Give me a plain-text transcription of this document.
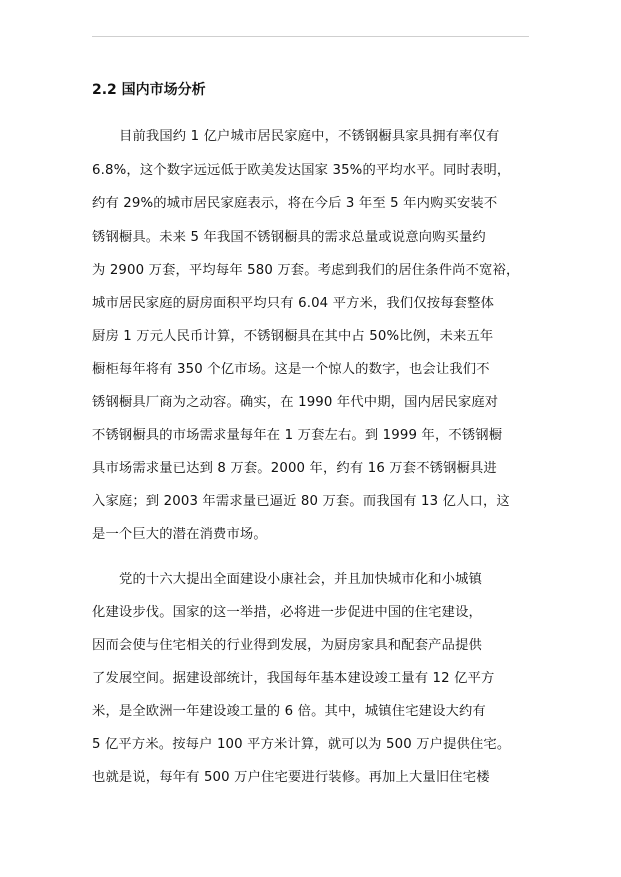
2.2 国内市场分析

目前我国约 1 亿户城市居民家庭中，不锈钢橱具家具拥有率仅有

6.8%，这个数字远远低于欧美发达国家 35%的平均水平。同时表明，

约有 29%的城市居民家庭表示，将在今后 3 年至 5 年内购买安装不

锈钢橱具。未来 5 年我国不锈钢橱具的需求总量或说意向购买量约

为 2900 万套，平均每年 580 万套。考虑到我们的居住条件尚不宽裕，

城市居民家庭的厨房面积平均只有 6.04 平方米，我们仅按每套整体

厨房 1 万元人民币计算，不锈钢橱具在其中占 50%比例，未来五年

橱柜每年将有 350 个亿市场。这是一个惊人的数字，也会让我们不

锈钢橱具厂商为之动容。确实，在 1990 年代中期，国内居民家庭对

不锈钢橱具的市场需求量每年在 1 万套左右。到 1999 年，不锈钢橱

具市场需求量已达到 8 万套。2000 年，约有 16 万套不锈钢橱具进

入家庭；到 2003 年需求量已逼近 80 万套。而我国有 13 亿人口，这

是一个巨大的潜在消费市场。

党的十六大提出全面建设小康社会，并且加快城市化和小城镇

化建设步伐。国家的这一举措，必将进一步促进中国的住宅建设，

因而会使与住宅相关的行业得到发展，为厨房家具和配套产品提供

了发展空间。据建设部统计，我国每年基本建设竣工量有 12 亿平方

米，是全欧洲一年建设竣工量的 6 倍。其中，城镇住宅建设大约有

5 亿平方米。按每户 100 平方米计算，就可以为 500 万户提供住宅。

也就是说，每年有 500 万户住宅要进行装修。再加上大量旧住宅楼
